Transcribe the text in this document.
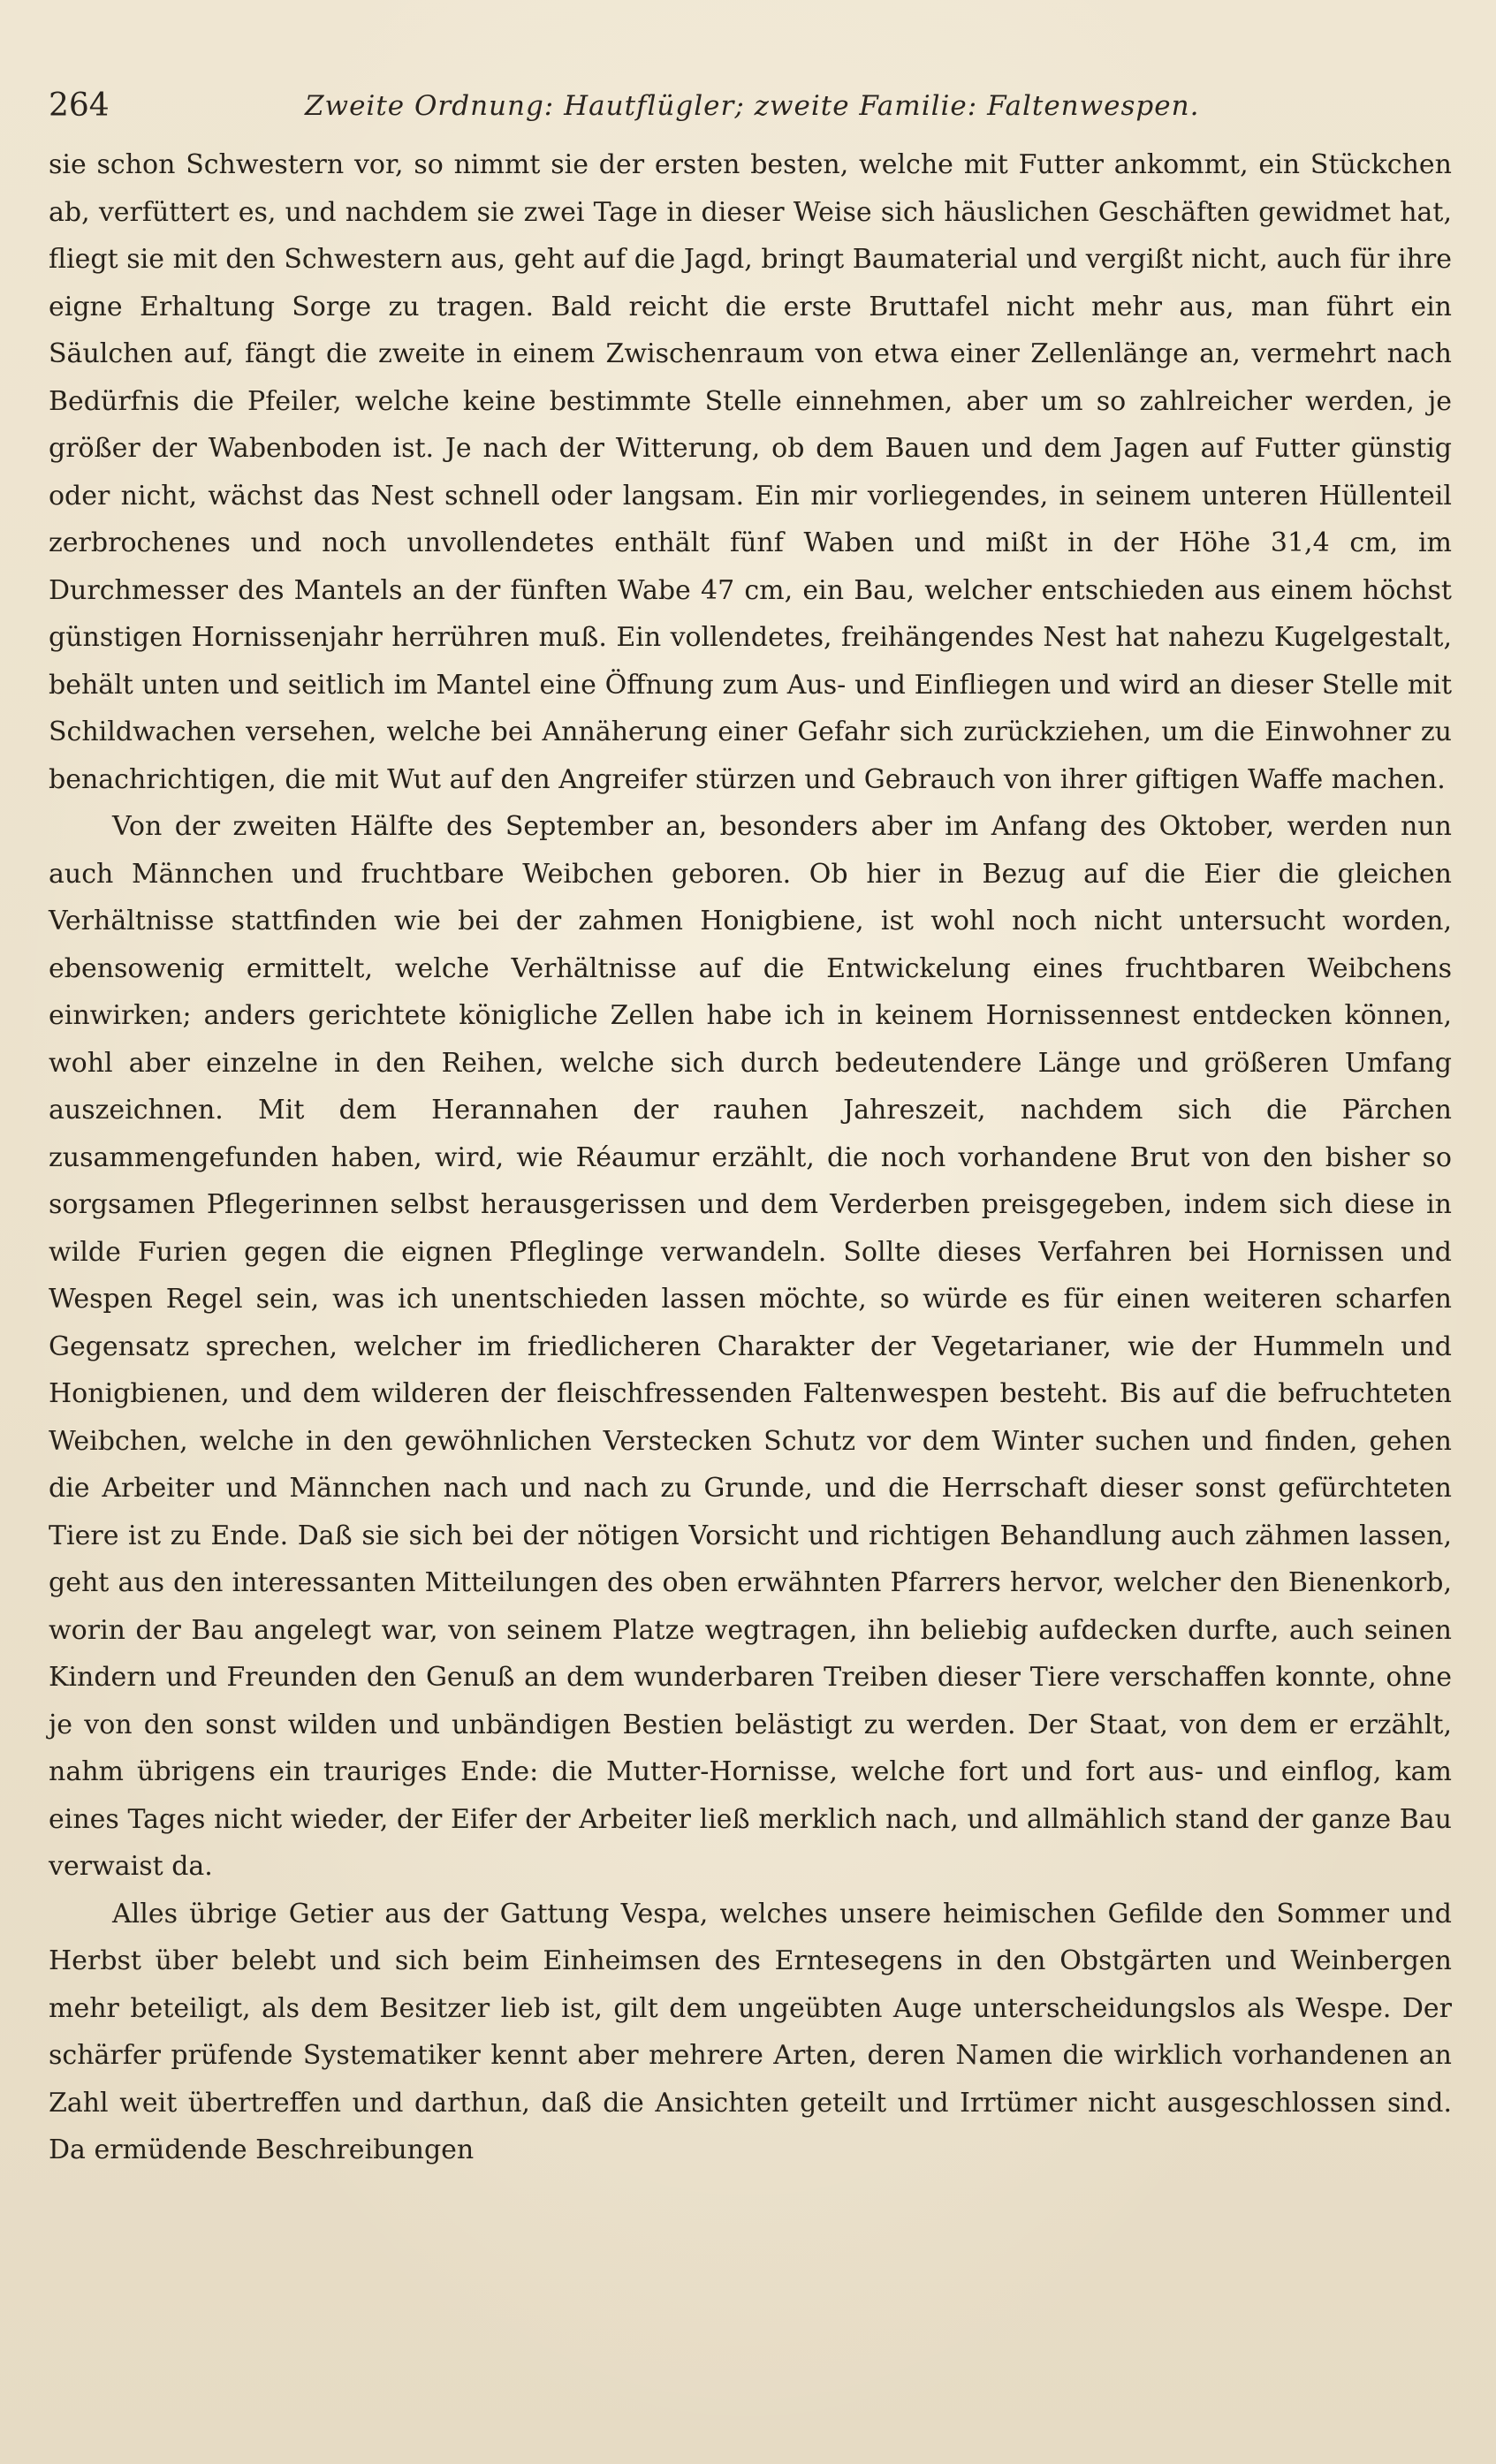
264	Zweite Ordnung: Hautflügler; zweite Familie: Faltenwespen.

sie schon Schwestern vor, so nimmt sie der ersten besten, welche mit Futter ankommt, ein Stückchen ab, verfüttert es, und nachdem sie zwei Tage in dieser Weise sich häuslichen Geschäften gewidmet hat, fliegt sie mit den Schwestern aus, geht auf die Jagd, bringt Baumaterial und vergißt nicht, auch für ihre eigne Erhaltung Sorge zu tragen. Bald reicht die erste Bruttafel nicht mehr aus, man führt ein Säulchen auf, fängt die zweite in einem Zwischenraum von etwa einer Zellenlänge an, vermehrt nach Bedürfnis die Pfeiler, welche keine bestimmte Stelle einnehmen, aber um so zahlreicher werden, je größer der Wabenboden ist. Je nach der Witterung, ob dem Bauen und dem Jagen auf Futter günstig oder nicht, wächst das Nest schnell oder langsam. Ein mir vorliegendes, in seinem unteren Hüllenteil zerbrochenes und noch unvollendetes enthält fünf Waben und mißt in der Höhe 31,4 cm, im Durchmesser des Mantels an der fünften Wabe 47 cm, ein Bau, welcher entschieden aus einem höchst günstigen Hornissenjahr herrühren muß. Ein vollendetes, freihängendes Nest hat nahezu Kugelgestalt, behält unten und seitlich im Mantel eine Öffnung zum Aus- und Einfliegen und wird an dieser Stelle mit Schildwachen versehen, welche bei Annäherung einer Gefahr sich zurückziehen, um die Einwohner zu benachrichtigen, die mit Wut auf den Angreifer stürzen und Gebrauch von ihrer giftigen Waffe machen.

Von der zweiten Hälfte des September an, besonders aber im Anfang des Oktober, werden nun auch Männchen und fruchtbare Weibchen geboren. Ob hier in Bezug auf die Eier die gleichen Verhältnisse stattfinden wie bei der zahmen Honigbiene, ist wohl noch nicht untersucht worden, ebensowenig ermittelt, welche Verhältnisse auf die Entwickelung eines fruchtbaren Weibchens einwirken; anders gerichtete königliche Zellen habe ich in keinem Hornissennest entdecken können, wohl aber einzelne in den Reihen, welche sich durch bedeutendere Länge und größeren Umfang auszeichnen. Mit dem Herannahen der rauhen Jahreszeit, nachdem sich die Pärchen zusammengefunden haben, wird, wie Réaumur erzählt, die noch vorhandene Brut von den bisher so sorgsamen Pflegerinnen selbst herausgerissen und dem Verderben preisgegeben, indem sich diese in wilde Furien gegen die eignen Pfleglinge verwandeln. Sollte dieses Verfahren bei Hornissen und Wespen Regel sein, was ich unentschieden lassen möchte, so würde es für einen weiteren scharfen Gegensatz sprechen, welcher im friedlicheren Charakter der Vegetarianer, wie der Hummeln und Honigbienen, und dem wilderen der fleischfressenden Faltenwespen besteht. Bis auf die befruchteten Weibchen, welche in den gewöhnlichen Verstecken Schutz vor dem Winter suchen und finden, gehen die Arbeiter und Männchen nach und nach zu Grunde, und die Herrschaft dieser sonst gefürchteten Tiere ist zu Ende. Daß sie sich bei der nötigen Vorsicht und richtigen Behandlung auch zähmen lassen, geht aus den interessanten Mitteilungen des oben erwähnten Pfarrers hervor, welcher den Bienenkorb, worin der Bau angelegt war, von seinem Platze wegtragen, ihn beliebig aufdecken durfte, auch seinen Kindern und Freunden den Genuß an dem wunderbaren Treiben dieser Tiere verschaffen konnte, ohne je von den sonst wilden und unbändigen Bestien belästigt zu werden. Der Staat, von dem er erzählt, nahm übrigens ein trauriges Ende: die Mutter-Hornisse, welche fort und fort aus- und einflog, kam eines Tages nicht wieder, der Eifer der Arbeiter ließ merklich nach, und allmählich stand der ganze Bau verwaist da.

Alles übrige Getier aus der Gattung Vespa, welches unsere heimischen Gefilde den Sommer und Herbst über belebt und sich beim Einheimsen des Erntesegens in den Obstgärten und Weinbergen mehr beteiligt, als dem Besitzer lieb ist, gilt dem ungeübten Auge unterscheidungslos als Wespe. Der schärfer prüfende Systematiker kennt aber mehrere Arten, deren Namen die wirklich vorhandenen an Zahl weit übertreffen und darthun, daß die Ansichten geteilt und Irrtümer nicht ausgeschlossen sind. Da ermüdende Beschreibungen
